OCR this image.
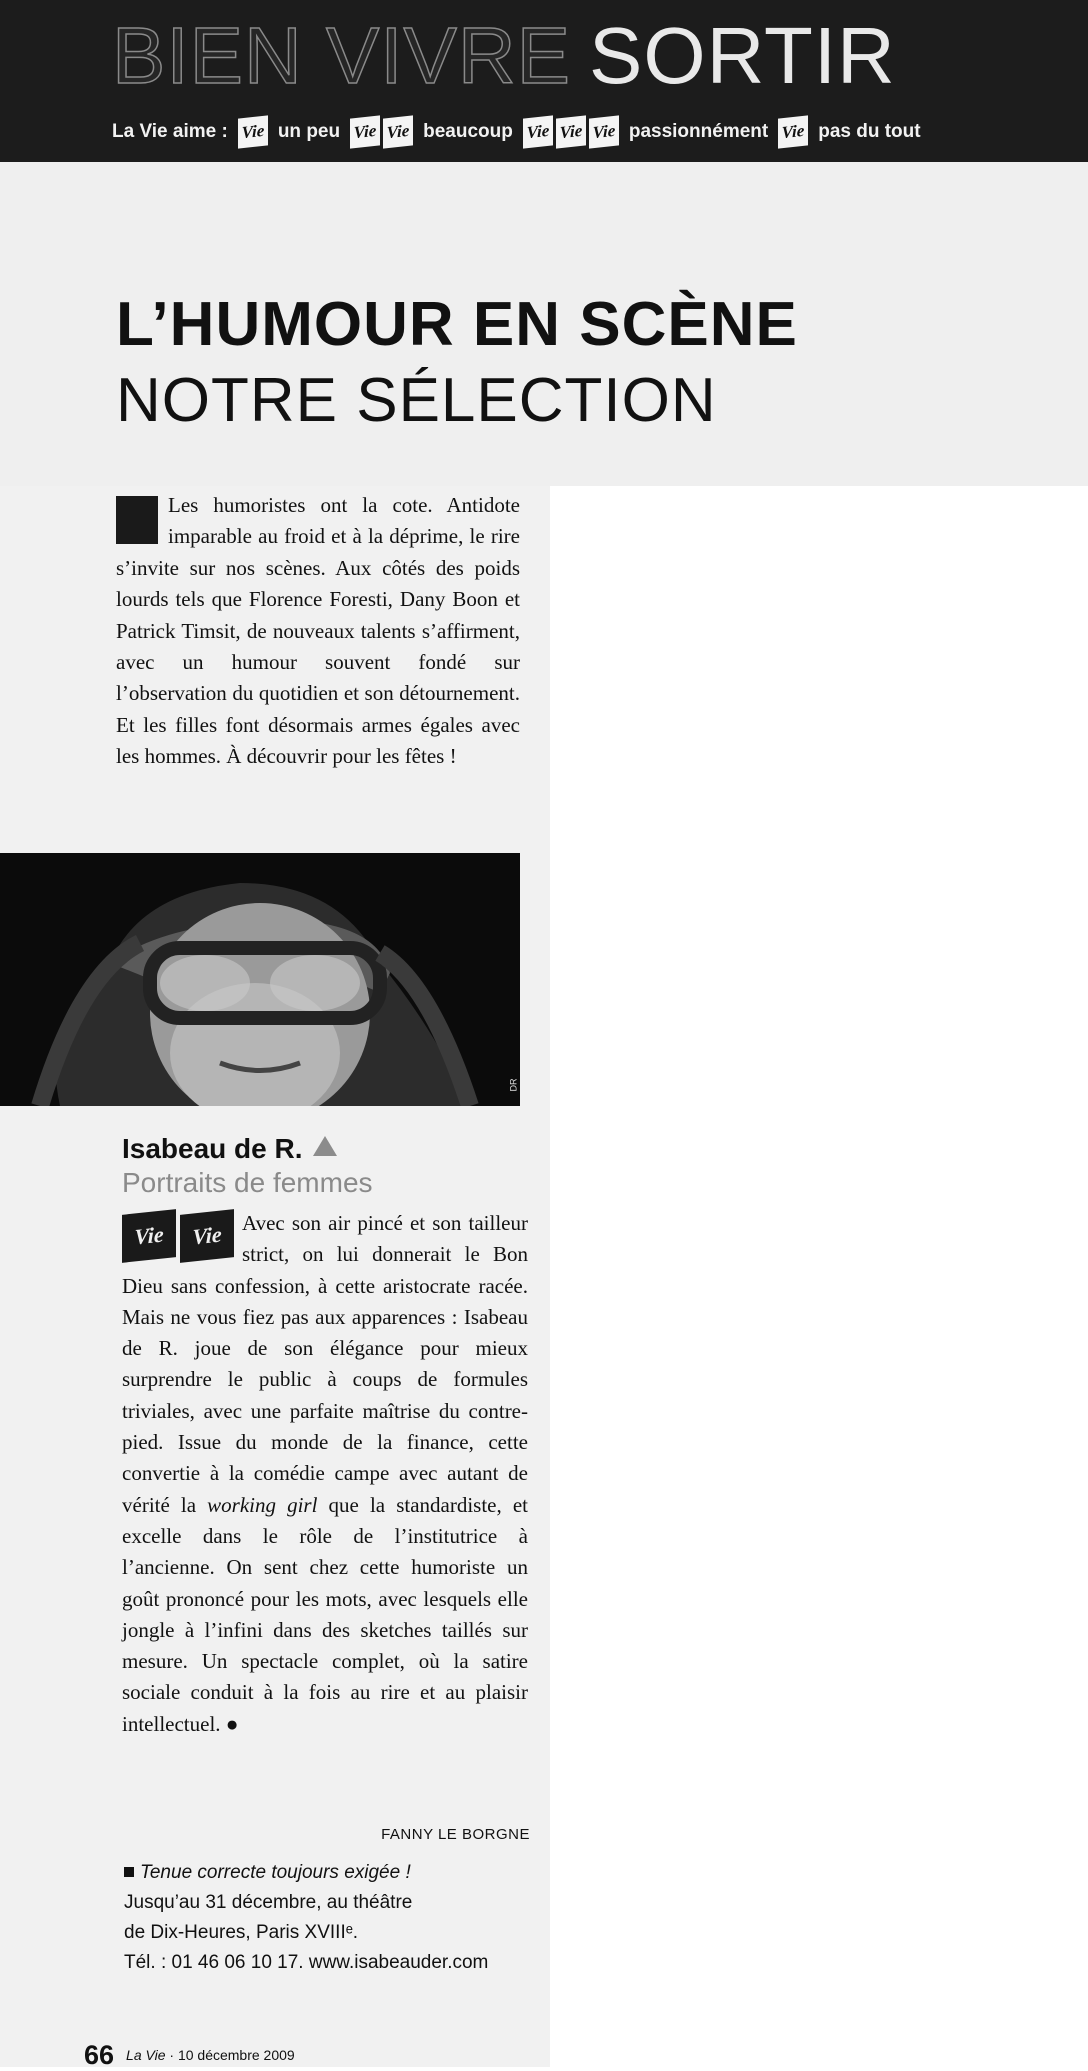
BIEN VIVRE SORTIR
La Vie aime : Vie un peu Vie Vie beaucoup Vie Vie Vie passionnément Vie pas du tout
L’HUMOUR EN SCÈNE
NOTRE SÉLECTION

Les humoristes ont la cote. Antidote imparable au froid et à la déprime, le rire s’invite sur nos scènes. Aux côtés des poids lourds tels que Florence Foresti, Dany Boon et Patrick Timsit, de nouveaux talents s’affirment, avec un humour souvent fondé sur l’observation du quotidien et son détournement. Et les filles font désormais armes égales avec les hommes. À découvrir pour les fêtes !

DR
Isabeau de R.
Portraits de femmes

Vie	Vie Avec son air pincé et son tailleur strict, on lui donnerait le Bon Dieu sans confession, à cette aristocrate racée. Mais ne vous fiez pas aux apparences : Isabeau de R. joue de son élégance pour mieux surprendre le public à coups de formules triviales, avec une parfaite maîtrise du contre-pied. Issue du monde de la finance, cette convertie à la comédie campe avec autant de vérité la working girl que la standardiste, et excelle dans le rôle de l’institutrice à l’ancienne. On sent chez cette humoriste un goût prononcé pour les mots, avec lesquels elle jongle à l’infini dans des sketches taillés sur mesure. Un spectacle complet, où la satire sociale conduit à la fois au rire et au plaisir intellectuel. ●

FANNY LE BORGNE
Tenue correcte toujours exigée !
Jusqu’au 31 décembre, au théâtre
de Dix-Heures, Paris XVIIIᵉ.
Tél. : 01 46 06 10 17. www.isabeauder.com
66 La Vie · 10 décembre 2009
